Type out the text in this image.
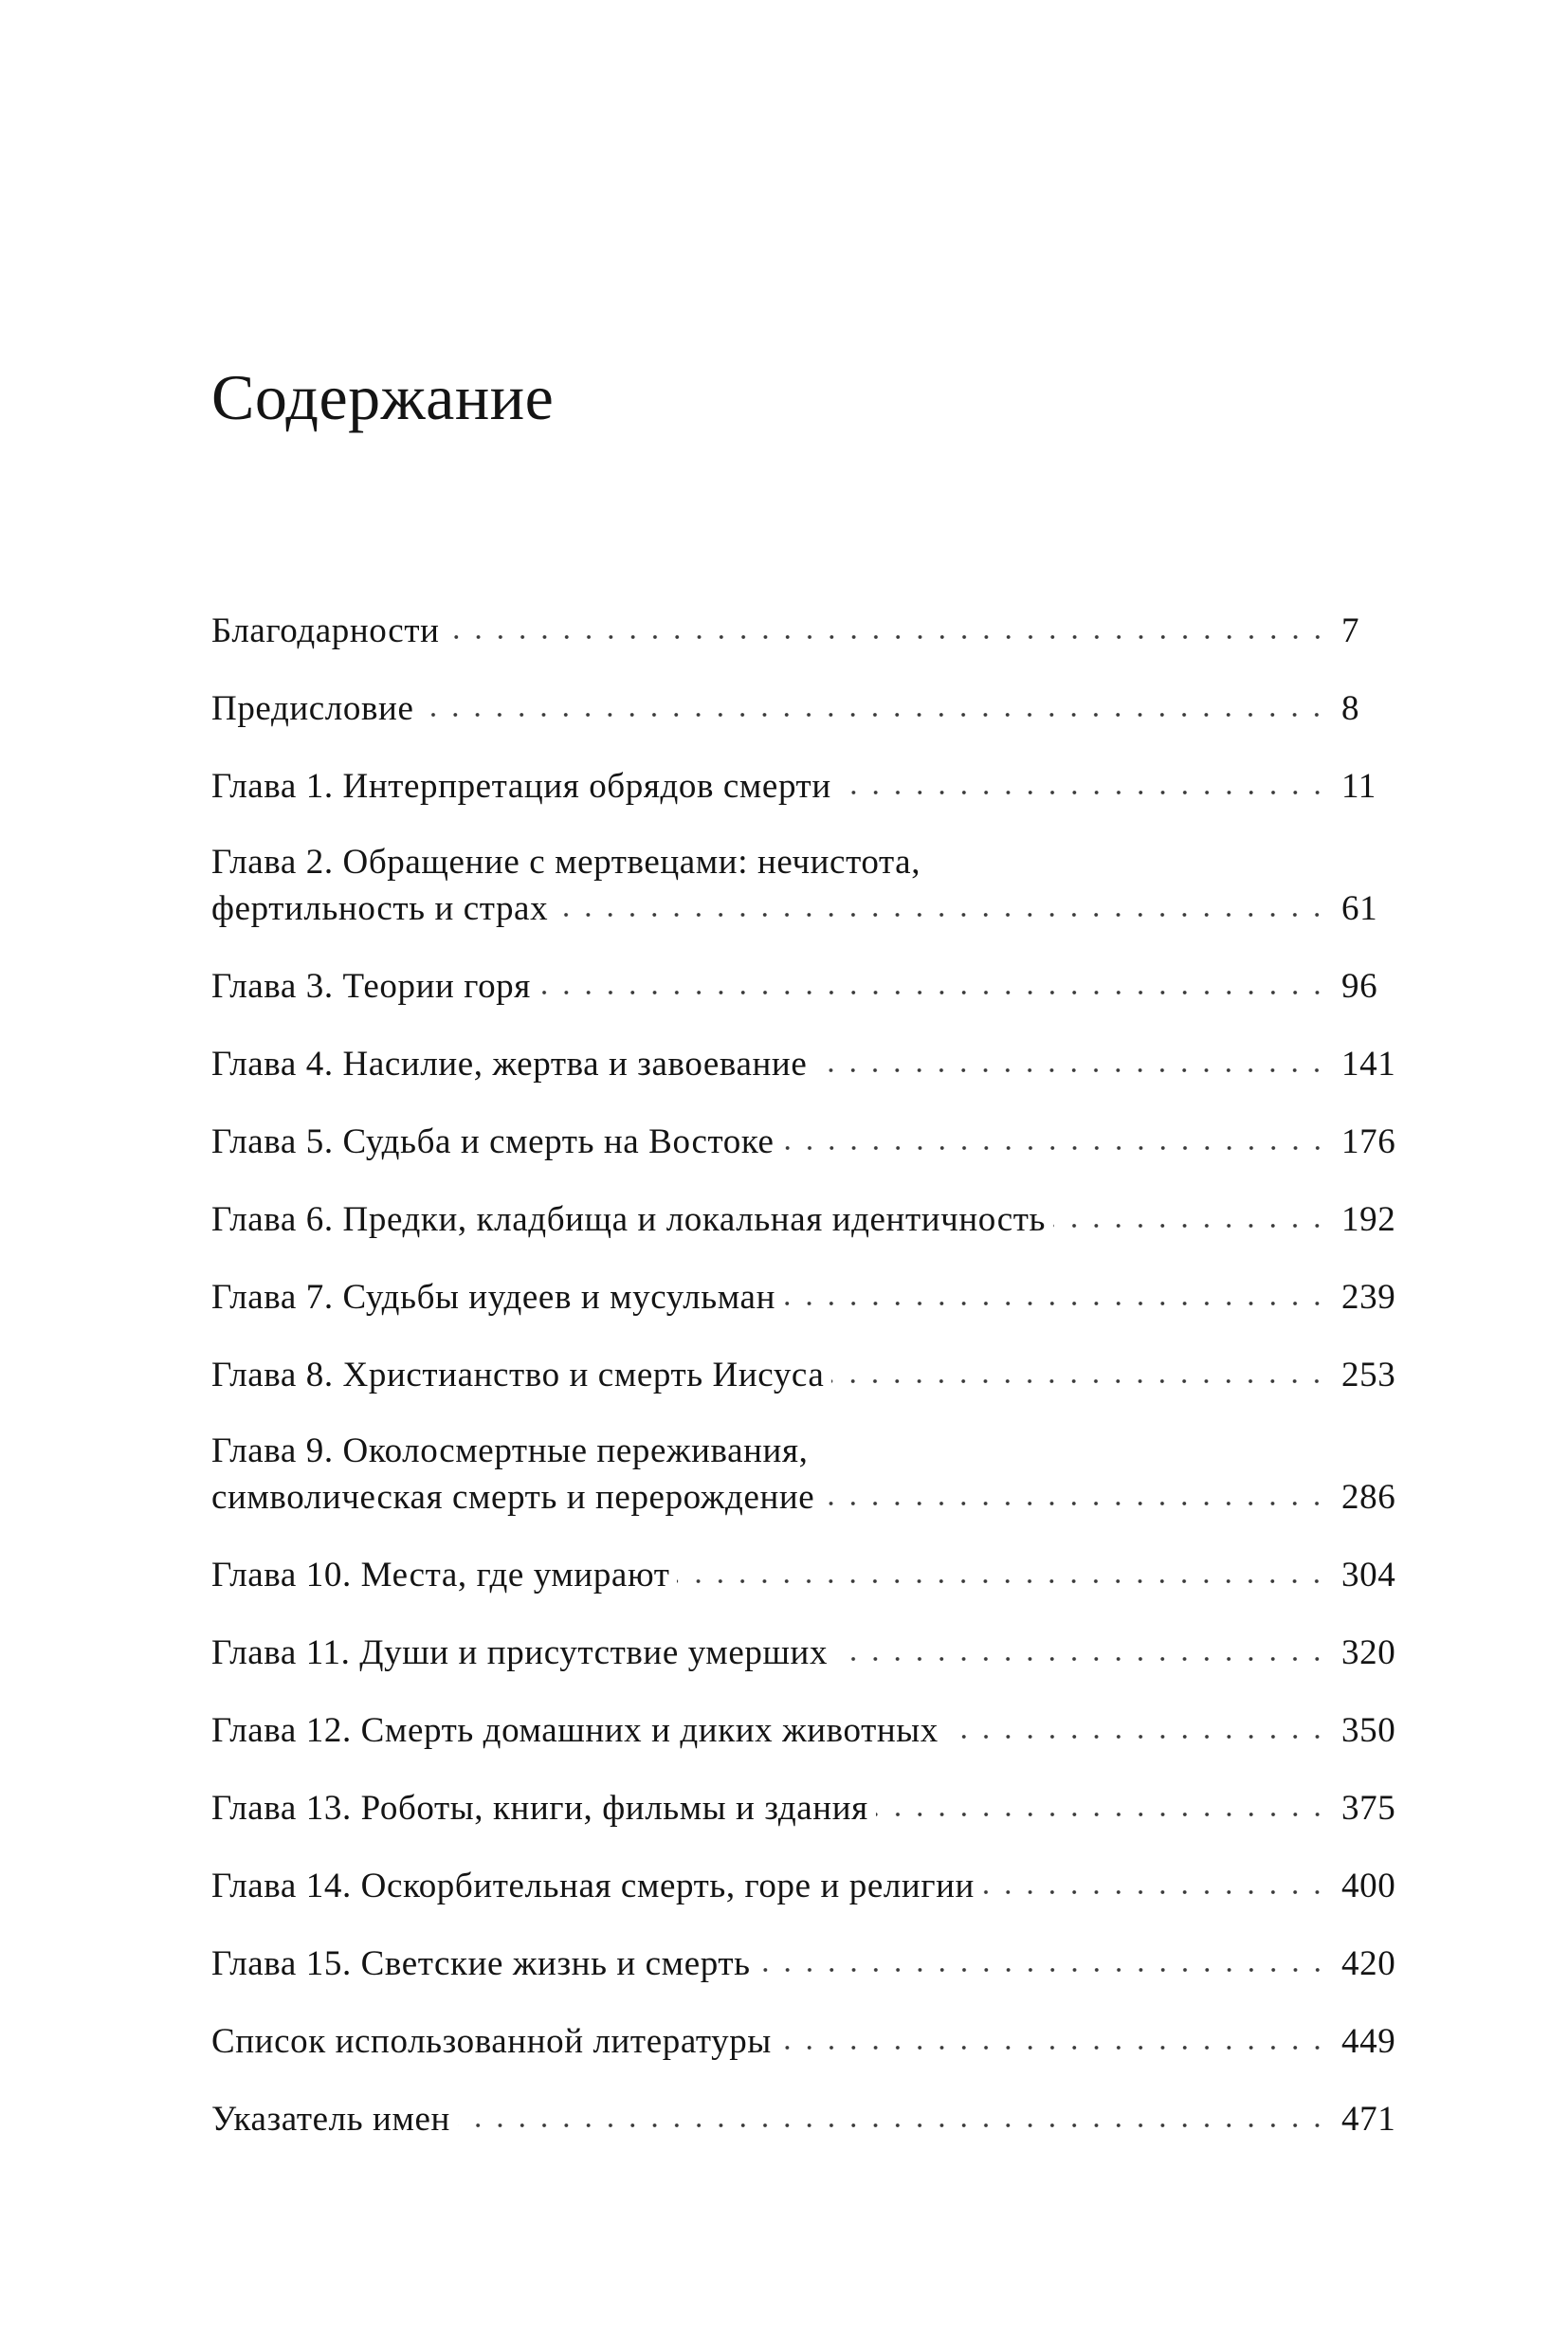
Содержание
Благодарности	7
Предисловие	8
Глава 1. Интерпретация обрядов смерти	11
Глава 2. Обращение с мертвецами: нечистота,
фертильность и страх	61
Глава 3. Теории горя	96
Глава 4. Насилие, жертва и завоевание	141
Глава 5. Судьба и смерть на Востоке	176
Глава 6. Предки, кладбища и локальная идентичность	192
Глава 7. Судьбы иудеев и мусульман	239
Глава 8. Христианство и смерть Иисуса	253
Глава 9. Околосмертные переживания,
символическая смерть и перерождение	286
Глава 10. Места, где умирают	304
Глава 11. Души и присутствие умерших	320
Глава 12. Смерть домашних и диких животных	350
Глава 13. Роботы, книги, фильмы и здания	375
Глава 14. Оскорбительная смерть, горе и религии	400
Глава 15. Светские жизнь и смерть	420
Список использованной литературы	449
Указатель имен	471
